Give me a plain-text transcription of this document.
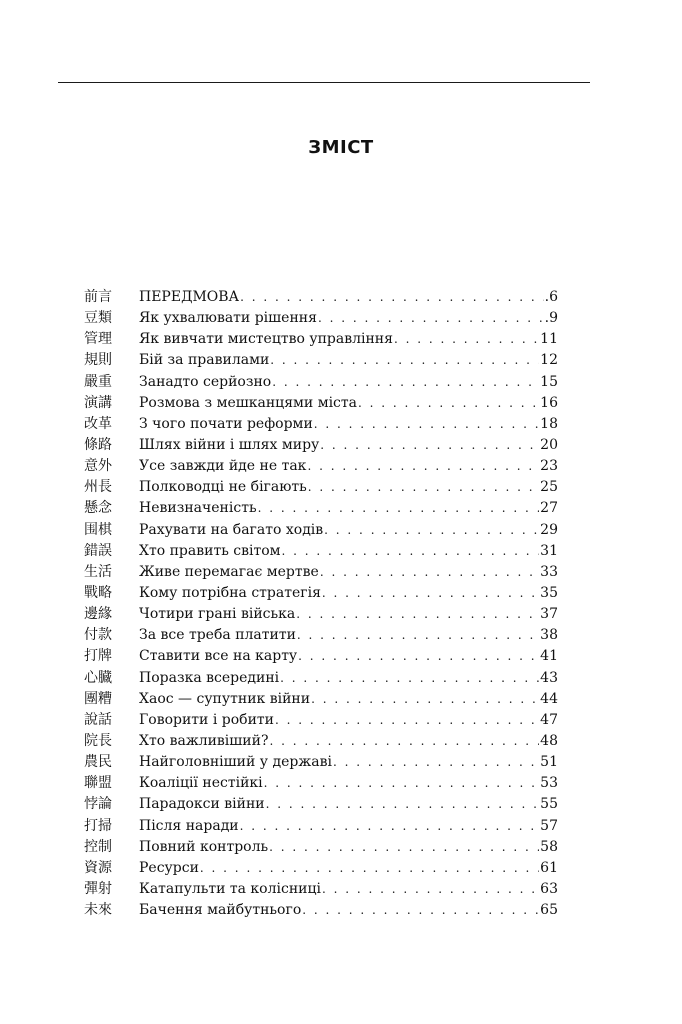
ЗМІСТ
前言	ПЕРЕДМОВА . . .	.6
豆類	Як ухвалювати рішення . . .	.9
管理	Як вивчати мистецтво управління . . .	11
規則	Бій за правилами . . .	12
嚴重	Занадто серйозно . . .	15
演講	Розмова з мешканцями міста . . .	16
改革	З чого почати реформи . . .	18
條路	Шлях війни і шлях миру . . .	20
意外	Усе завжди йде не так . . .	23
州長	Полководці не бігають . . .	25
懸念	Невизначеність . . .	27
围棋	Рахувати на багато ходів . . .	29
錯誤	Хто править світом . . .	31
生活	Живе перемагає мертве . . .	33
戰略	Кому потрібна стратегія . . .	35
邊緣	Чотири грані війська . . .	37
付款	За все треба платити . . .	38
打牌	Ставити все на карту . . .	41
心臓	Поразка всередині . . .	43
團糟	Хаос — супутник війни . . .	44
說話	Говорити і робити . . .	47
院長	Хто важливіший? . . .	48
農民	Найголовніший у державі . . .	51
聯盟	Коаліції нестійкі . . .	53
悖論	Парадокси війни . . .	55
打掃	Після наради . . .	57
控制	Повний контроль . . .	58
資源	Ресурси . . .	61
彈射	Катапульти та колісниці . . .	63
未來	Бачення майбутнього . . .	65
